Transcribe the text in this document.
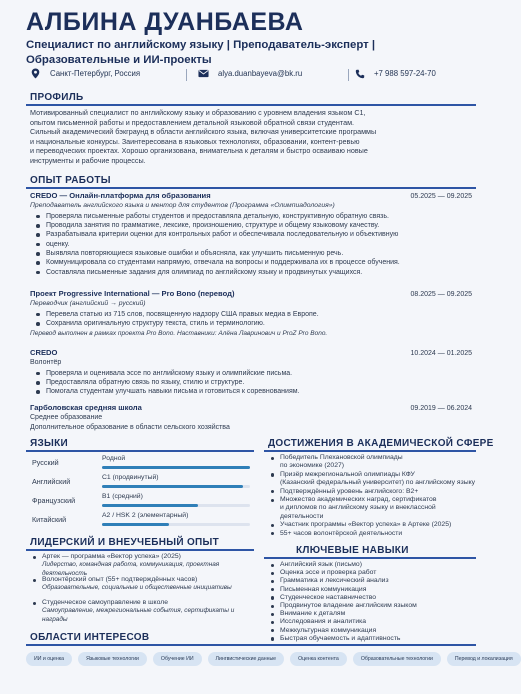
АЛБИНА ДУАНБАЕВА
Специалист по английскому языку | Преподаватель-эксперт |
Образовательные и ИИ-проекты
Санкт-Петербург, Россия	alya.duanbayeva@bk.ru	+7 988 597-24-70
ПРОФИЛЬ
Мотивированный специалист по английскому языку и образованию с уровнем владения языком C1,
опытом письменной работы и предоставлением детальной языковой обратной связи студентам.
Сильный академический бэкграунд в области английского языка, включая университетские программы
и национальные конкурсы. Заинтересована в языковых технологиях, образовании, контент-ревью
и переводческих проектах. Хорошо организована, внимательна к деталям и быстро осваиваю новые
инструменты и рабочие процессы.
ОПЫТ РАБОТЫ
CREDO — Онлайн-платформа для образования	05.2025 — 09.2025
Преподаватель английского языка и ментор для студентов (Программа «Олимпиадология»)
Проверяла письменные работы студентов и предоставляла детальную, конструктивную обратную связь.
Проводила занятия по грамматике, лексике, произношению, структуре и общему языковому качеству.
Разрабатывала критерии оценки для контрольных работ и обеспечивала последовательную и объективную
оценку.
Выявляла повторяющиеся языковые ошибки и объясняла, как улучшить письменную речь.
Коммуницировала со студентами напрямую, отвечала на вопросы и поддерживала их в процессе обучения.
Составляла письменные задания для олимпиад по английскому языку и продвинутых учащихся.
Проект Progressive International — Pro Bono (перевод)	08.2025 — 09.2025
Переводчик (английский → русский)
Перевела статью из 715 слов, посвященную надзору США правых медиа в Европе.
Сохранила оригинальную структуру текста, стиль и терминологию.
Перевод выполнен в рамках проекта Pro Bono. Наставники: Алёна Лавринович и ProZ Pro Bono.
CREDO	10.2024 — 01.2025
Волонтёр
Проверяла и оценивала эссе по английскому языку и олимпийские письма.
Предоставляла обратную связь по языку, стилю и структуре.
Помогала студентам улучшать навыки письма и готовиться к соревнованиям.
Гарболовская средняя школа	09.2019 — 06.2024
Среднее образование
Дополнительное образование в области сельского хозяйства
ЯЗЫКИ
Русский	Родной
Английский	C1 (продвинутый)
Французский	B1 (средний)
Китайский	A2 / HSK 2 (элементарный)
ДОСТИЖЕНИЯ В АКАДЕМИЧЕСКОЙ СФЕРЕ
Победитель Плехановской олимпиады
по экономике (2027)
Призёр межрегиональной олимпиады КФУ
(Казанский федеральный университет) по английскому языку
Подтверждённый уровень английского: B2+
Множество академических наград, сертификатов
и дипломов по английскому языку и внеклассной
деятельности
Участник программы «Вектор успеха» в Артеке (2025)
55+ часов волонтёрской деятельности
ЛИДЕРСКИЙ И ВНЕУЧЕБНЫЙ ОПЫТ
Артек — программа «Вектор успеха» (2025)
Лидерство, командная работа, коммуникация, проектная деятельность
Волонтёрский опыт (55+ подтверждённых часов)
Образовательные, социальные и общественные инициативы
Студенческое самоуправление в школе
Самоуправление, межрегиональные события, сертификаты и награды
КЛЮЧЕВЫЕ НАВЫКИ
Английский язык (письмо)
Оценка эссе и проверка работ
Грамматика и лексический анализ
Письменная коммуникация
Студенческое наставничество
Продвинутое владение английским языком
Внимание к деталям
Исследования и аналитика
Межкультурная коммуникация
Быстрая обучаемость и адаптивность
ОБЛАСТИ ИНТЕРЕСОВ
ИИ и оценка	Языковые технологии	Обучение ИИ	Лингвистические данные	Оценка контента	Образовательные технологии	Перевод и локализация
